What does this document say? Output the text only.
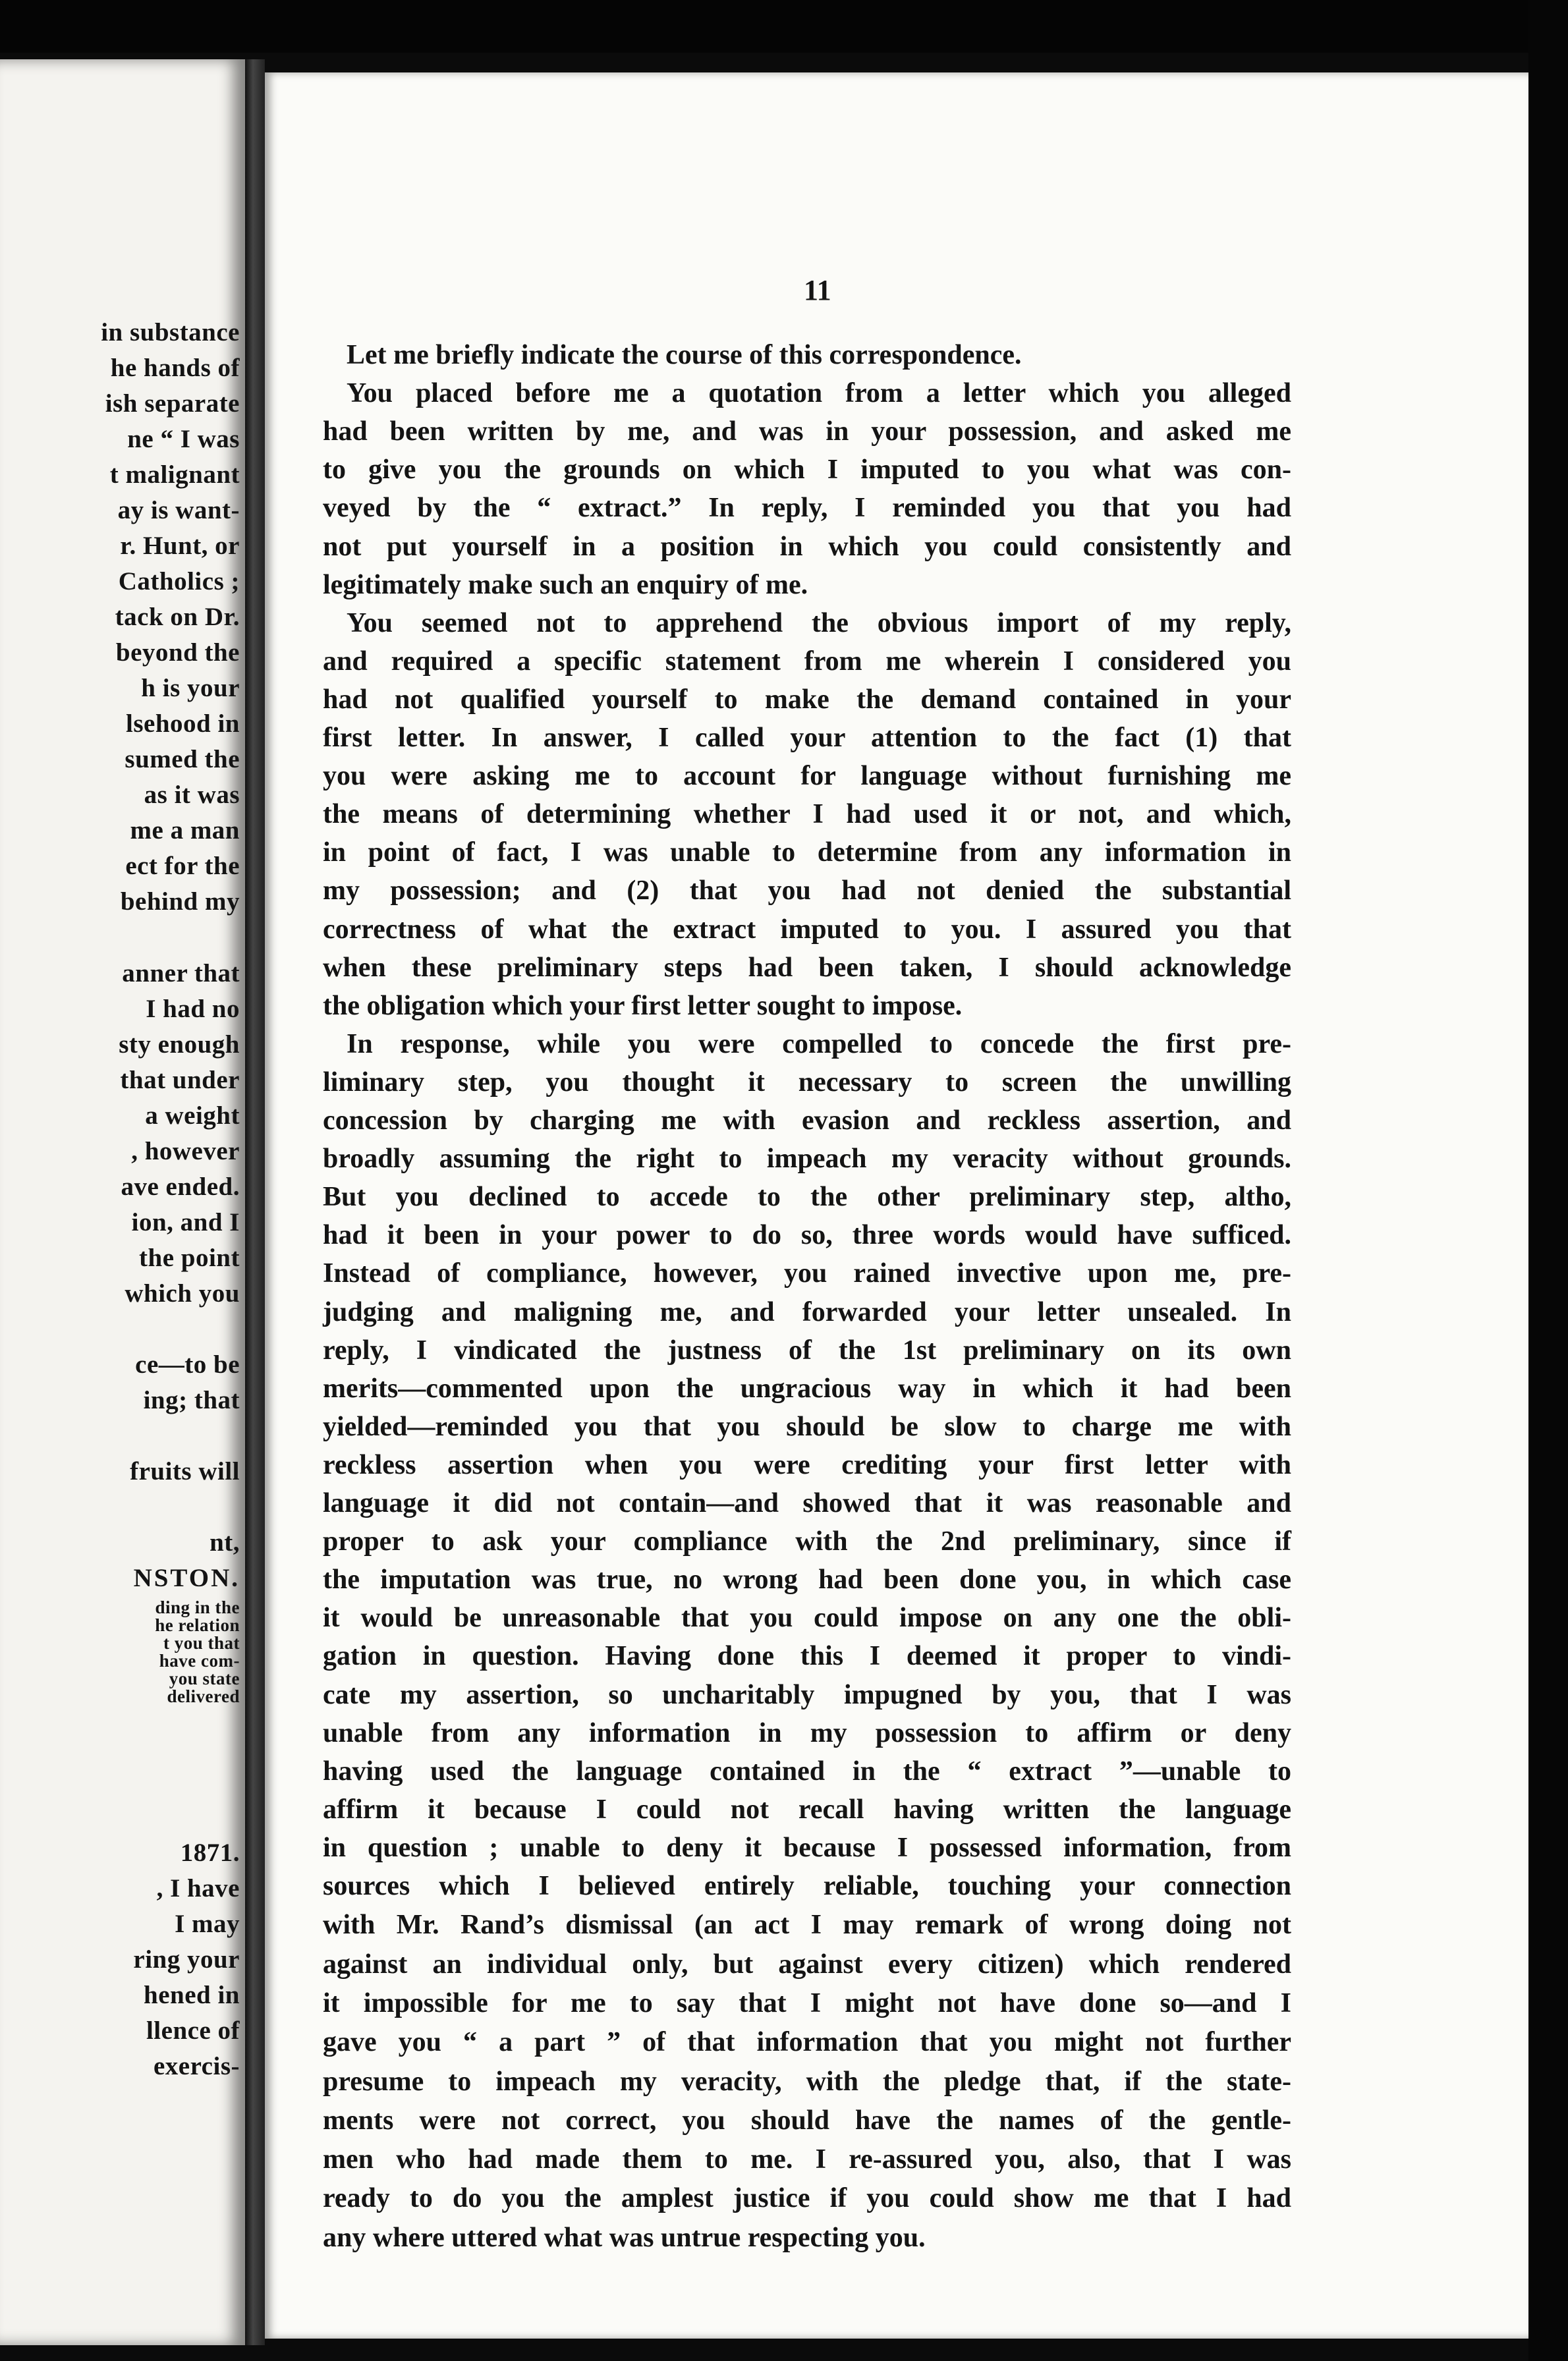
in substance
he hands of
ish separate
ne “ I was
t malignant
ay is want-
r. Hunt, or
Catholics ;
tack on Dr.
beyond the
h is your
lsehood in
sumed the
as it was
me a man
ect for the
behind my
anner that
I had no
sty enough
that under
a weight
, however
ave ended.
ion, and I
the point
which you
ce—to be
ing; that
fruits will
nt,
NSTON.
ding in the
he relation
t you that
have com-
you state
delivered
1871.
, I have
I may
ring your
hened in
llence of
exercis-
11
Let me briefly indicate the course of this correspondence.
You placed before me a quotation from a letter which you alleged
had been written by me, and was in your possession, and asked me
to give you the grounds on which I imputed to you what was con-
veyed by the “ extract.” In reply, I reminded you that you had
not put yourself in a position in which you could consistently and
legitimately make such an enquiry of me.
You seemed not to apprehend the obvious import of my reply,
and required a specific statement from me wherein I considered you
had not qualified yourself to make the demand contained in your
first letter. In answer, I called your attention to the fact (1) that
you were asking me to account for language without furnishing me
the means of determining whether I had used it or not, and which,
in point of fact, I was unable to determine from any information in
my possession; and (2) that you had not denied the substantial
correctness of what the extract imputed to you. I assured you that
when these preliminary steps had been taken, I should acknowledge
the obligation which your first letter sought to impose.
In response, while you were compelled to concede the first pre-
liminary step, you thought it necessary to screen the unwilling
concession by charging me with evasion and reckless assertion, and
broadly assuming the right to impeach my veracity without grounds.
But you declined to accede to the other preliminary step, altho,
had it been in your power to do so, three words would have sufficed.
Instead of compliance, however, you rained invective upon me, pre-
judging and maligning me, and forwarded your letter unsealed. In
reply, I vindicated the justness of the 1st preliminary on its own
merits—commented upon the ungracious way in which it had been
yielded—reminded you that you should be slow to charge me with
reckless assertion when you were crediting your first letter with
language it did not contain—and showed that it was reasonable and
proper to ask your compliance with the 2nd preliminary, since if
the imputation was true, no wrong had been done you, in which case
it would be unreasonable that you could impose on any one the obli-
gation in question. Having done this I deemed it proper to vindi-
cate my assertion, so uncharitably impugned by you, that I was
unable from any information in my possession to affirm or deny
having used the language contained in the “ extract ”—unable to
affirm it because I could not recall having written the language
in question ; unable to deny it because I possessed information, from
sources which I believed entirely reliable, touching your connection
with Mr. Rand’s dismissal (an act I may remark of wrong doing not
against an individual only, but against every citizen) which rendered
it impossible for me to say that I might not have done so—and I
gave you “ a part ” of that information that you might not further
presume to impeach my veracity, with the pledge that, if the state-
ments were not correct, you should have the names of the gentle-
men who had made them to me. I re-assured you, also, that I was
ready to do you the amplest justice if you could show me that I had
any where uttered what was untrue respecting you.
